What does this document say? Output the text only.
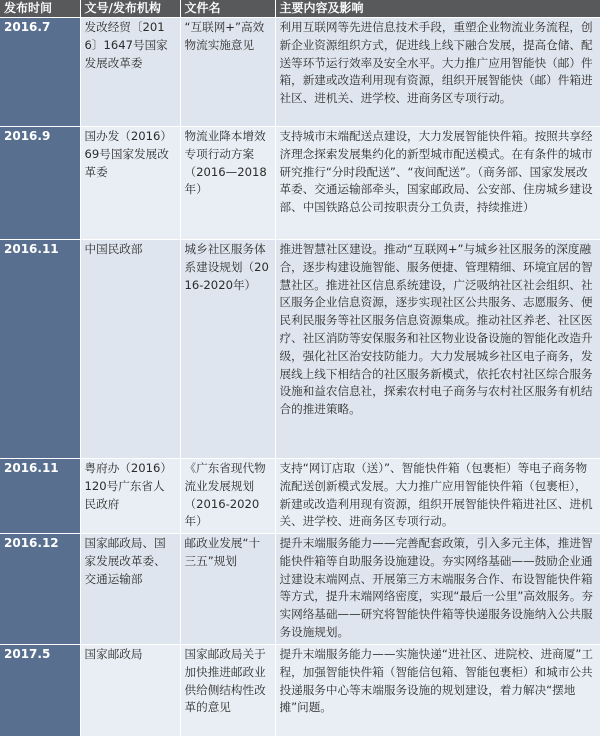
发布时间	文号/发布机构	文件名	主要内容及影响
2016.7	发改经贸〔2016〕1647号国家发展改革委	“互联网+”高效物流实施意见	利用互联网等先进信息技术手段，重塑企业物流业务流程，创新企业资源组织方式，促进线上线下融合发展，提高仓储、配送等环节运行效率及安全水平。大力推广应用智能快（邮）件箱，新建或改造利用现有资源，组织开展智能快（邮）件箱进社区、进机关、进学校、进商务区专项行动。
2016.9	国办发（2016）69号国家发展改革委	物流业降本增效专项行动方案（2016—2018年）	支持城市末端配送点建设，大力发展智能快件箱。按照共享经济理念探索发展集约化的新型城市配送模式。在有条件的城市研究推行“分时段配送”、“夜间配送”。（商务部、国家发展改革委、交通运输部牵头，国家邮政局、公安部、住房城乡建设部、中国铁路总公司按职责分工负责，持续推进）
2016.11	中国民政部	城乡社区服务体系建设规划（2016-2020年）	推进智慧社区建设。推动“互联网+”与城乡社区服务的深度融合，逐步构建设施智能、服务便捷、管理精细、环境宜居的智慧社区。推进社区信息系统建设，广泛吸纳社区社会组织、社区服务企业信息资源，逐步实现社区公共服务、志愿服务、便民利民服务等社区服务信息资源集成。推动社区养老、社区医疗、社区消防等安保服务和社区物业设备设施的智能化改造升级，强化社区治安技防能力。大力发展城乡社区电子商务，发展线上线下相结合的社区服务新模式，依托农村社区综合服务设施和益农信息社，探索农村电子商务与农村社区服务有机结合的推进策略。
2016.11	粤府办（2016）120号广东省人民政府	《广东省现代物流业发展规划（2016-2020年）	支持“网订店取（送）”、智能快件箱（包裹柜）等电子商务物流配送创新模式发展。大力推广应用智能快件箱（包裹柜），新建或改造利用现有资源，组织开展智能快件箱进社区、进机关、进学校、进商务区专项行动。
2016.12	国家邮政局、国家发展改革委、交通运输部	邮政业发展“十三五”规划	提升末端服务能力——完善配套政策，引入多元主体，推进智能快件箱等自助服务设施建设。夯实网络基础——鼓励企业通过建设末端网点、开展第三方末端服务合作、布设智能快件箱等方式，提升末端网络密度，实现“最后一公里”高效服务。夯实网络基础——研究将智能快件箱等快递服务设施纳入公共服务设施规划。
2017.5	国家邮政局	国家邮政局关于加快推进邮政业供给侧结构性改革的意见	提升末端服务能力——实施快递“进社区、进院校、进商厦”工程，加强智能快件箱（智能信包箱、智能包裹柜）和城市公共投递服务中心等末端服务设施的规划建设，着力解决“摆地摊”问题。
